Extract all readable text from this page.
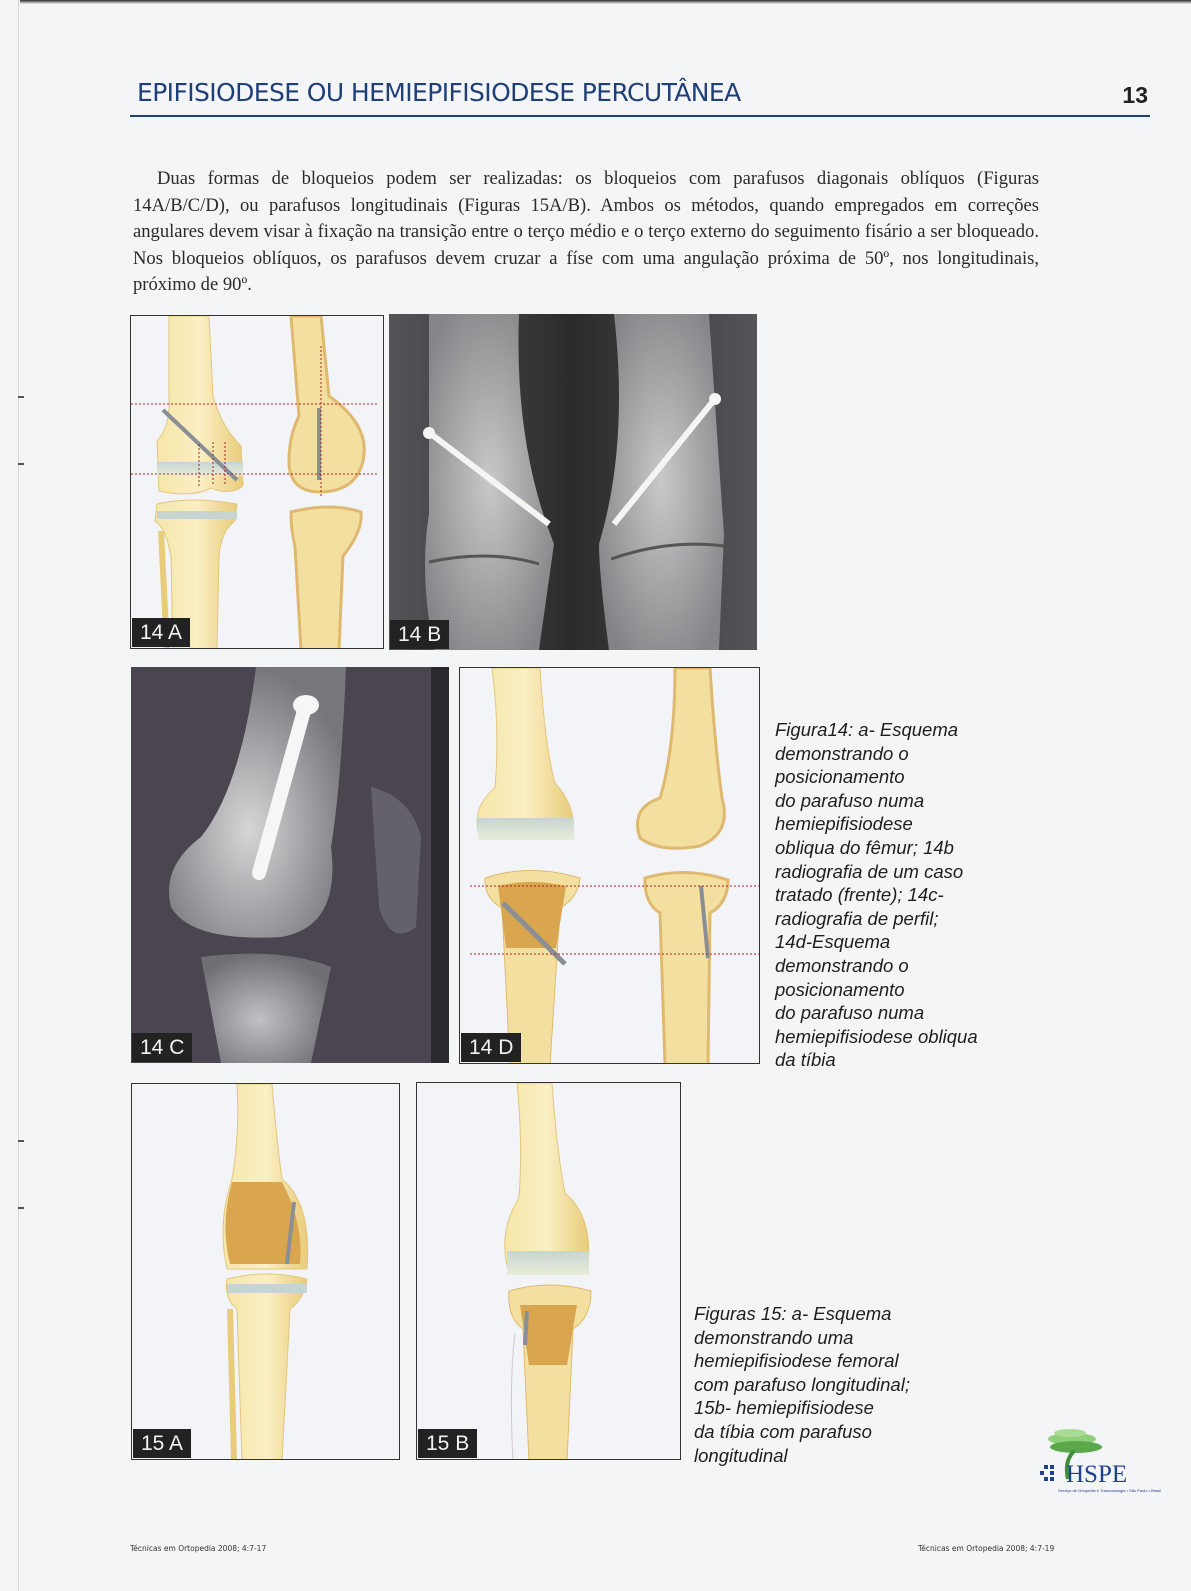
EPIFISIODESE OU HEMIEPIFISIODESE PERCUTÂNEA	13

Duas formas de bloqueios podem ser realizadas: os bloqueios com parafusos diagonais oblíquos (Figuras 14A/B/C/D), ou parafusos longitudinais (Figuras 15A/B). Ambos os métodos, quando empregados em correções angulares devem visar à fixação na transição entre o terço médio e o terço externo do seguimento fisário a ser bloqueado. Nos bloqueios oblíquos, os parafusos devem cruzar a físe com uma angulação próxima de 50º, nos longitudinais, próximo de 90º.

14 A	14 B
14 C	14 D

Figura14: a- Esquema
demonstrando o
posicionamento
do parafuso numa
hemiepifisiodese
obliqua do fêmur; 14b
radiografia de um caso
tratado (frente); 14c-
radiografia de perfil;
14d-Esquema
demonstrando o
posicionamento
do parafuso numa
hemiepifisiodese obliqua
da tíbia

15 A	15 B

Figuras 15: a- Esquema
demonstrando uma
hemiepifisiodese femoral
com parafuso longitudinal;
15b- hemiepifisiodese
da tíbia com parafuso
longitudinal

HSPE
Serviço de Ortopedia e Traumatologia • São Paulo • Brasil
Técnicas em Ortopedia 2008; 4:7-17	Técnicas em Ortopedia 2008; 4:7-19
